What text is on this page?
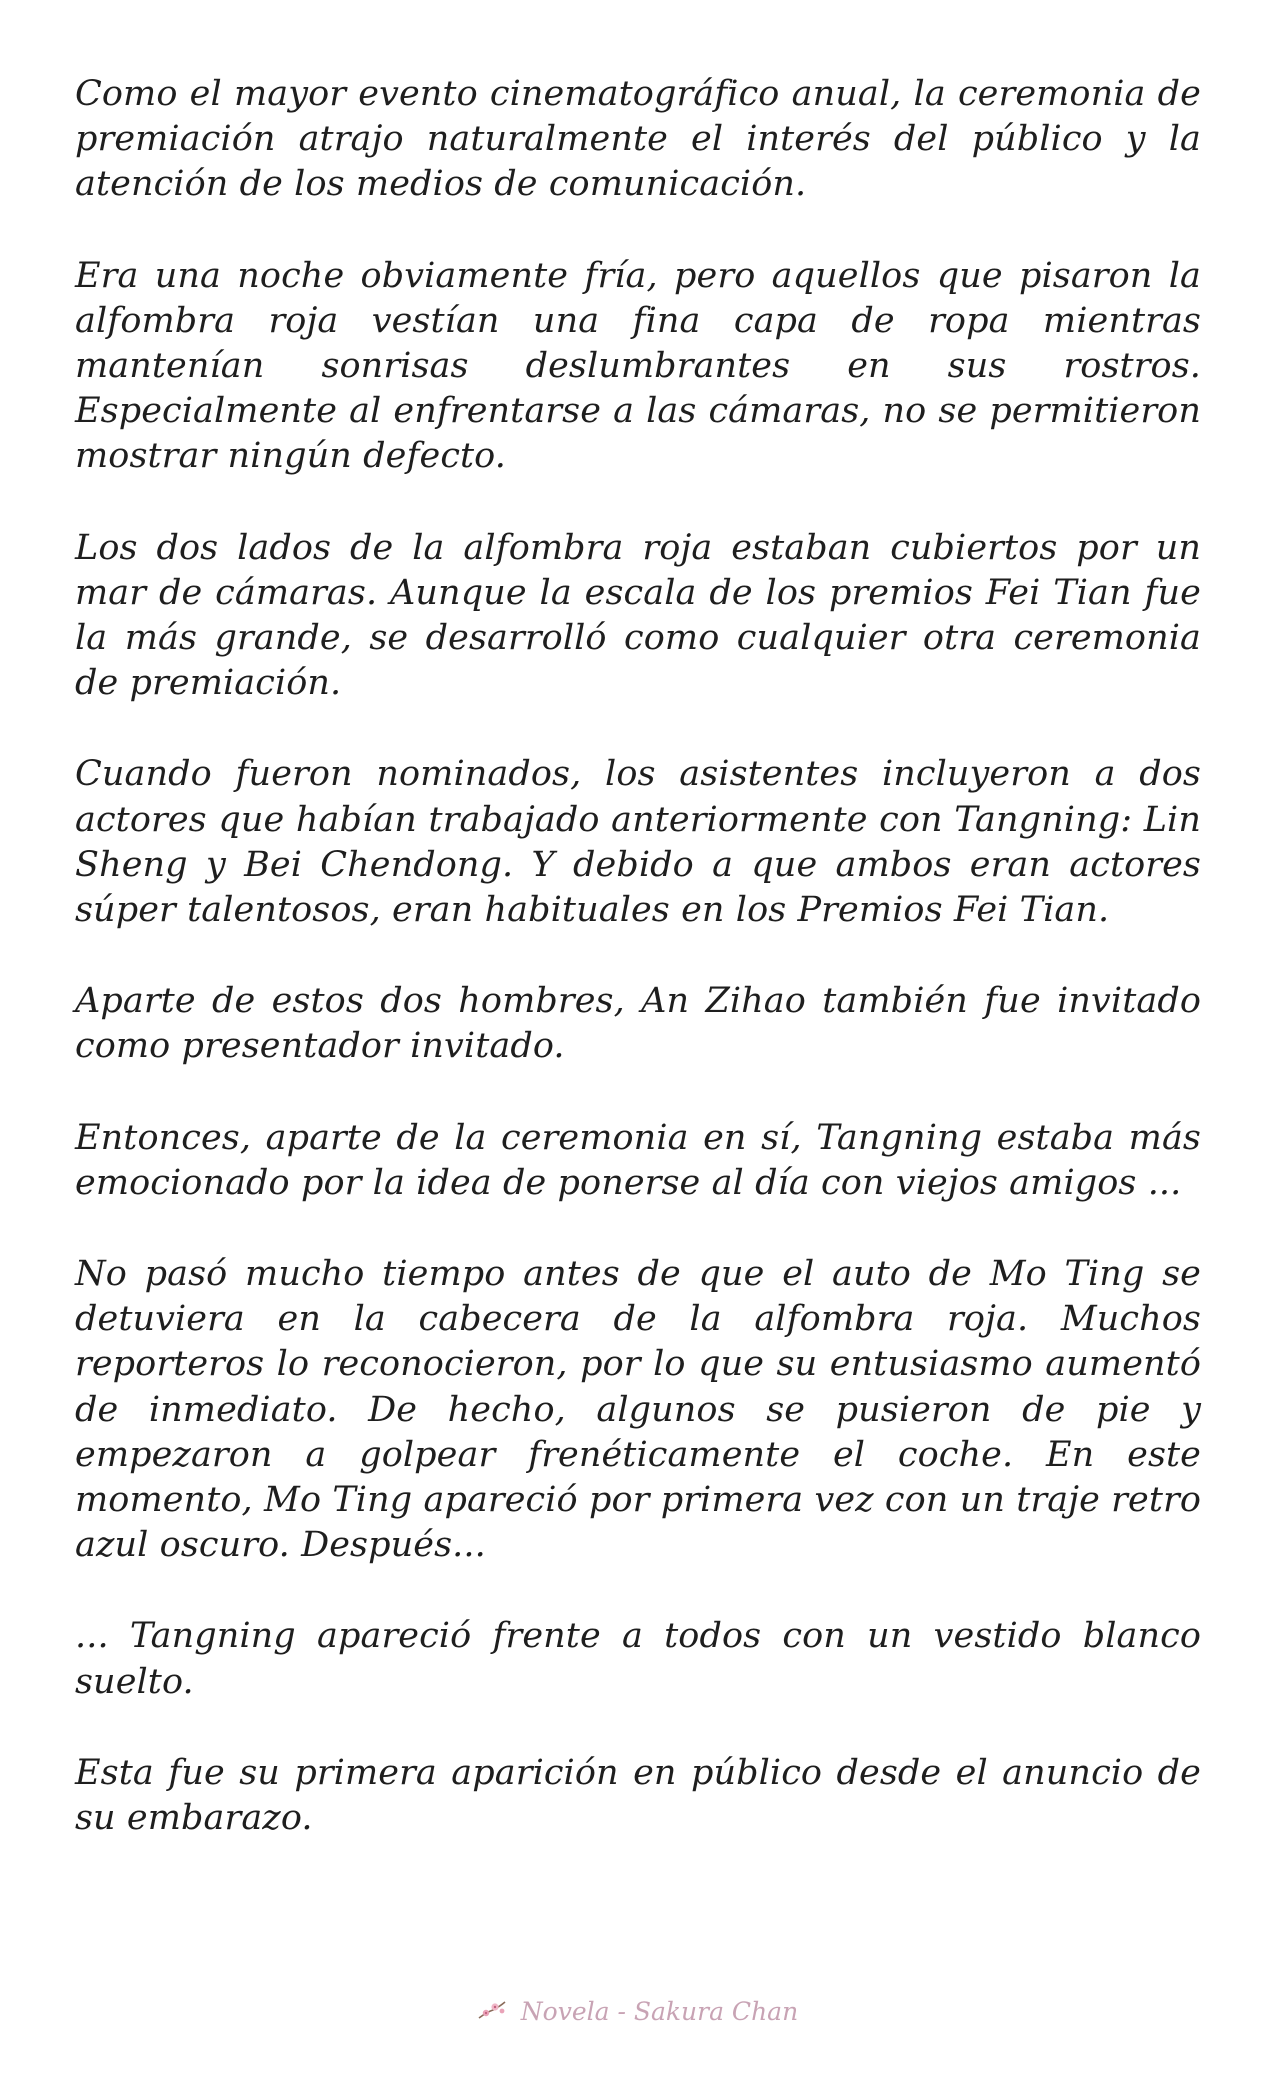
Como el mayor evento cinematográfico anual, la ceremonia de premiación atrajo naturalmente el interés del público y la atención de los medios de comunicación.

Era una noche obviamente fría, pero aquellos que pisaron la alfombra roja vestían una fina capa de ropa mientras mantenían sonrisas deslumbrantes en sus rostros. Especialmente al enfrentarse a las cámaras, no se permitieron mostrar ningún defecto.

Los dos lados de la alfombra roja estaban cubiertos por un mar de cámaras. Aunque la escala de los premios Fei Tian fue la más grande, se desarrolló como cualquier otra ceremonia de premiación.

Cuando fueron nominados, los asistentes incluyeron a dos actores que habían trabajado anteriormente con Tangning: Lin Sheng y Bei Chendong. Y debido a que ambos eran actores súper talentosos, eran habituales en los Premios Fei Tian.

Aparte de estos dos hombres, An Zihao también fue invitado como presentador invitado.

Entonces, aparte de la ceremonia en sí, Tangning estaba más emocionado por la idea de ponerse al día con viejos amigos ...

No pasó mucho tiempo antes de que el auto de Mo Ting se detuviera en la cabecera de la alfombra roja. Muchos reporteros lo reconocieron, por lo que su entusiasmo aumentó de inmediato. De hecho, algunos se pusieron de pie y empezaron a golpear frenéticamente el coche. En este momento, Mo Ting apareció por primera vez con un traje retro azul oscuro. Después...

... Tangning apareció frente a todos con un vestido blanco suelto.

Esta fue su primera aparición en público desde el anuncio de su embarazo.

Novela - Sakura Chan
